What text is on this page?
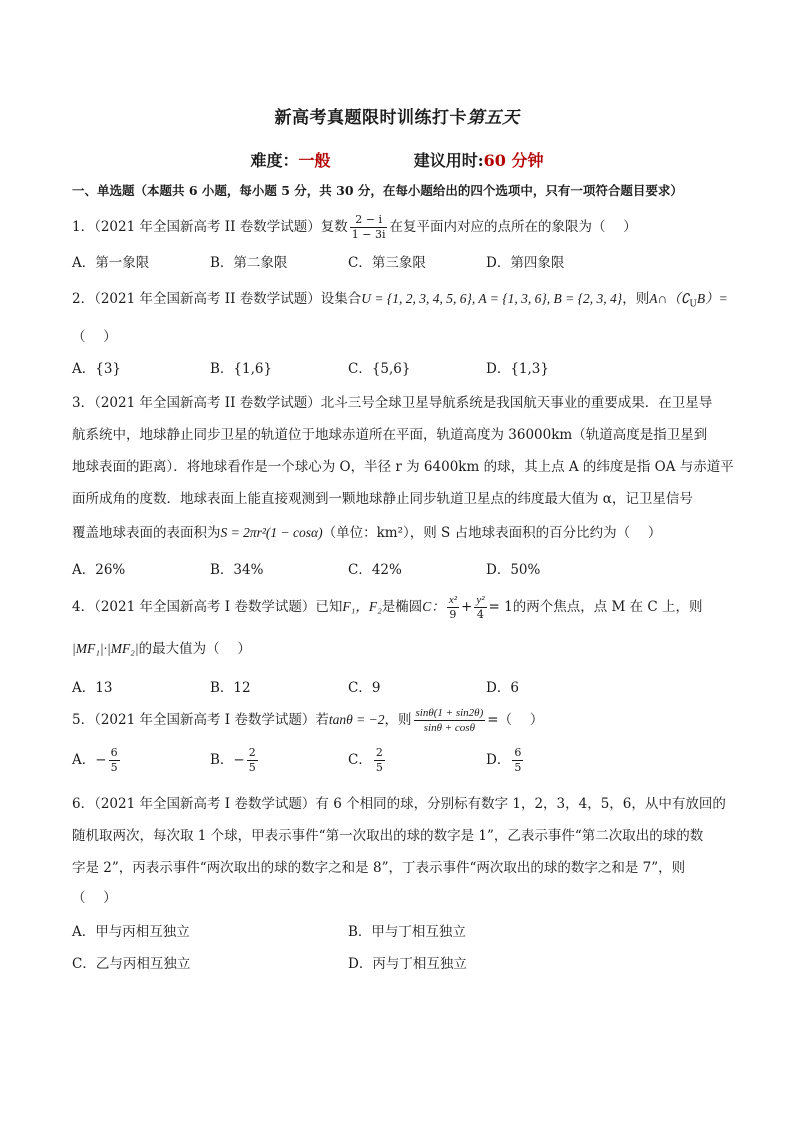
新高考真题限时训练打卡第五天
难度：一般	建议用时:60 分钟
一、单选题（本题共 6 小题，每小题 5 分，共 30 分，在每小题给出的四个选项中，只有一项符合题目要求）
1．（2021 年全国新高考 II 卷数学试题）复数 $\frac{2 - i}{1 - 3i}$ 在复平面内对应的点所在的象限为（　 ）
A．第一象限	B．第二象限	C．第三象限	D．第四象限
2．（2021 年全国新高考 II 卷数学试题）设集合U = {1, 2, 3, 4, 5, 6}, A = {1, 3, 6}, B = {2, 3, 4}，则$A\cap(∁_UB)=$
（　 ）
A．{3}	B．{1,6}	C．{5,6}	D．{1,3}
3．（2021 年全国新高考 II 卷数学试题）北斗三号全球卫星导航系统是我国航天事业的重要成果．在卫星导
航系统中，地球静止同步卫星的轨道位于地球赤道所在平面，轨道高度为 36000km（轨道高度是指卫星到
地球表面的距离）．将地球看作是一个球心为 O，半径 r 为 6400km 的球，其上点 A 的纬度是指 OA 与赤道平
面所成角的度数．地球表面上能直接观测到一颗地球静止同步轨道卫星点的纬度最大值为 α，记卫星信号
覆盖地球表面的表面积为S = 2πr²(1 − cosα)（单位：km²），则 S 占地球表面积的百分比约为（　 ）
A．26%	B．34%	C．42%	D．50%
4．（2021 年全国新高考 I 卷数学试题）已知F₁，F₂是椭圆C： $\frac{\text{x²}}{9} + \frac{\text{y²}}{4} = 1$的两个焦点，点 M 在 C 上，则
|MF₁|·|MF₂|的最大值为（　 ）
A．13	B．12	C．9	D．6
5．（2021 年全国新高考 I 卷数学试题）若tanθ = −2，则 $\frac{\sin\theta(1 + \sin 2\theta)}{\sin\theta + \cos\theta}$ =（　 ）
A．− $\frac{6}{5}$	B．− $\frac{2}{5}$	C． $\frac{2}{5}$	D． $\frac{6}{5}$
6．（2021 年全国新高考 I 卷数学试题）有 6 个相同的球，分别标有数字 1，2，3，4，5，6，从中有放回的
随机取两次，每次取 1 个球，甲表示事件“第一次取出的球的数字是 1”，乙表示事件“第二次取出的球的数
字是 2”，丙表示事件“两次取出的球的数字之和是 8”，丁表示事件“两次取出的球的数字之和是 7”，则
（　 ）
A．甲与丙相互独立	B．甲与丁相互独立
C．乙与丙相互独立	D．丙与丁相互独立
